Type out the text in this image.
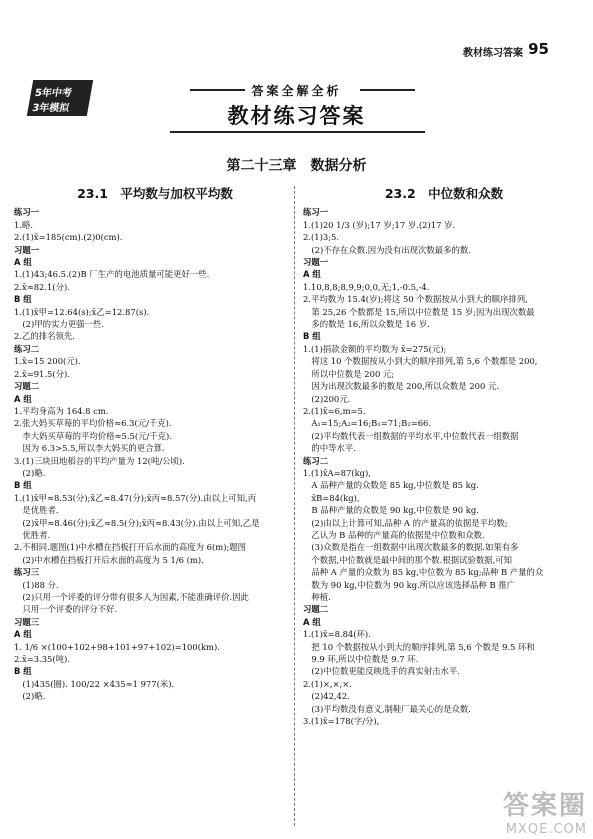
教材练习答案 95
5年中考
3年模拟
答案全解全析
教材练习答案
第二十三章　数据分析
23.1　平均数与加权平均数
练习一
1.略.
2.(1)x̄=185(cm).(2)0(cm).
习题一
A 组
1.(1)43;46.5.(2)B 厂生产的电池质量可能更好一些.
2.x̄≈82.1(分).
B 组
1.(1)x̄甲=12.64(s);x̄乙=12.87(s).
　(2)甲的实力更强一些.
2.乙的排名领先.
练习二
1.x̄=15 200(元).
2.x̄=91.5(分).
习题二
A 组
1.平均身高为 164.8 cm.
2.张大妈买草莓的平均价格≈6.3(元/千克).
　李大妈买草莓的平均价格≈5.5(元/千克).
　因为 6.3>5.5,所以李大妈买的更合算.
3.(1)三块田地稻谷的平均产量为 12(吨/公顷).
　(2)略.
B 组
1.(1)x̄甲≈8.53(分);x̄乙≈8.47(分);x̄丙≈8.57(分).由以上可知,丙
　是优胜者.
　(2)x̄甲≈8.46(分);x̄乙≈8.5(分);x̄丙≈8.43(分).由以上可知,乙是
　优胜者.
2.不相同.题图(1)中水槽在挡板打开后水面的高度为 6(m);题图
　(2)中水槽在挡板打开后水面的高度为 5 1/6 (m).
练习三
　(1)88 分.
　(2)只用一个评委的评分带有很多人为因素,不能准确评价.因此
　只用一个评委的评分不好.
习题三
A 组
1. 1/6 ×(100+102+98+101+97+102)=100(km).
2.x̄=3.35(吨).
B 组
　(1)435(圈). 100/22 ×435≈1 977(米).
　(2)略.
23.2　中位数和众数
练习一
1.(1)20 1/3 (岁);17 岁;17 岁.(2)17 岁.
2.(1)3;5.
　(2)不存在众数.因为没有出现次数最多的数.
习题一
A 组
1.10,8,8;8,9,9;0,0,无;1,-0.5,-4.
2.平均数为 15.4(岁);将这 50 个数据按从小到大的顺序排列,
　第 25,26 个数都是 15,所以中位数是 15 岁;因为出现次数最
　多的数是 16,所以众数是 16 岁.
B 组
1.(1)捐款金额的平均数为 x̄=275(元);
　将这 10 个数据按从小到大的顺序排列,第 5,6 个数都是 200,
　所以中位数是 200 元;
　因为出现次数最多的数是 200,所以众数是 200 元.
　(2)200元.
2.(1)x̄=6,m=5.
　A₁=15;A₂=16;B₁=71;B₂=66.
　(2)平均数代表一组数据的平均水平,中位数代表一组数据
　的中等水平.
练习二
1.(1)x̄A=87(kg),
　A 品种产量的众数是 85 kg,中位数是 85 kg.
　x̄B=84(kg),
　B 品种产量的众数是 90 kg,中位数是 90 kg.
　(2)由以上计算可知,品种 A 的产量高的依据是平均数;
　乙认为 B 品种的产量高的依据是中位数和众数.
　(3)众数是指在一组数据中出现次数最多的数据.如果有多
　个数据,中位数就是最中间的那个数.根据试验数据,可知
　品种 A 产量的众数为 85 kg,中位数为 85 kg;品种 B 产量的众
　数为 90 kg,中位数为 90 kg.所以应该选择品种 B 推广
　种植.
习题二
A 组
1.(1)x̄=8.84(环).
　把 10 个数据按从小到大的顺序排列,第 5,6 个数是 9.5 环和
　9.9 环,所以中位数是 9.7 环.
　(2)中位数更能反映选手的真实射击水平.
2.(1)×,×,×.
　(2)42,42.
　(3)平均数没有意义,制鞋厂最关心的是众数.
3.(1)x̄=178(字/分),
答案圈
MXQE.COM
